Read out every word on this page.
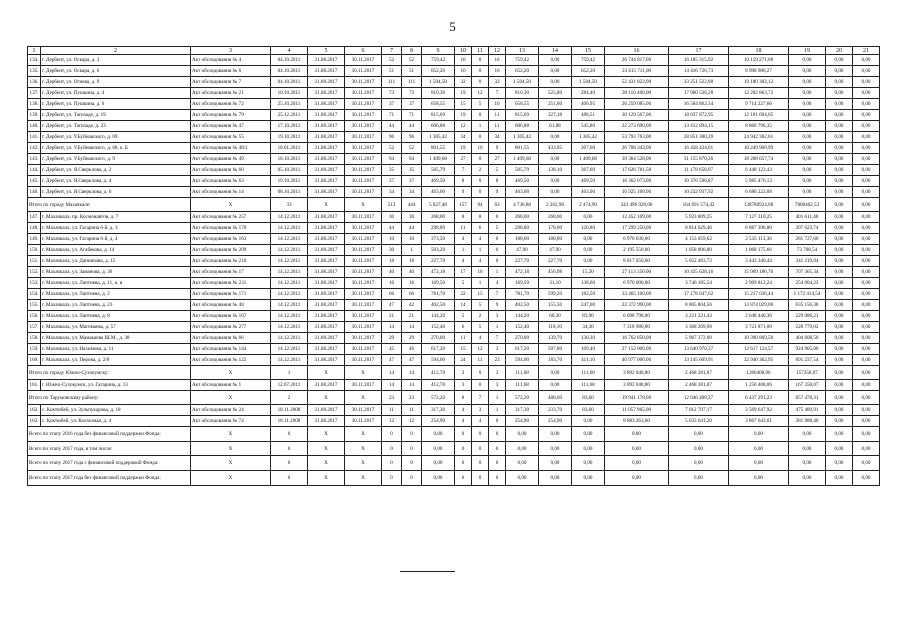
5
1	2	3	4	5	6	7	8	9	10	11	12	13	14	15	16	17	18	19	20	21
134.	г. Дербент, ул. Оскара, д. 3	Акт обследования № 4	04.10.2011	31.08.2017	30.11.2017	52	52	759,42	16	0	16	759,42	0,00	759,42	26 744 817,00	16 185 315,92	10 159 271,08	0,00	0,00	0,00
135.	г. Дербент, ул. Оскара, д. 6	Акт обследования № 6	04.10.2011	31.08.2017	30.11.2017	51	51	652,20	16	0	16	652,20	0,00	652,20	23 415 711,00	14 416 726,73	8 998 986,27	0,00	0,00	0,00
136.	г. Дербент, ул. Огнева, д. 9	Акт обследования № 7	04.10.2011	31.08.2017	30.11.2017	111	111	1 504,50	32	0	32	1 504,50	0,00	1 504,50	52 431 822,00	33 251 522,88	19 180 302,12	0,00	0,00	0,00
137.	г. Дербент, ул. Пушкина, д. 4	Акт обследования № 21	10.10.2011	31.08.2017	30.11.2017	73	73	810,30	19	12	7	810,30	525,80	284,40	30 110 400,00	17 900 536,28	12 202 863,72	0,00	0,00	0,00
138.	г. Дербент, ул. Пушкина, д. 6	Акт обследования № 72	25.10.2011	31.08.2017	30.11.2017	37	37	658,55	15	5	10	658,55	251,60	406,95	26 259 085,00	16 584 862,34	9 714 227,66	0,00	0,00	0,00
139.	г. Дербент, ул. Тагизаде, д. 19	Акт обследования № 79	25.12.2011	31.08.2017	30.11.2017	71	71	815,69	19	8	11	815,69	327,18	488,51	30 129 567,00	18 037 872,95	12 101 694,05	0,00	0,00	0,00
140.	г. Дербент, ул. Тагизаде, д. 23	Акт обследования № 47	17.10.2011	31.08.2017	30.11.2017	44	44	606,88	12	1	11	606,88	61,08	545,80	22 273 690,00	13 412 894,15	8 860 796,35	0,00	0,00	0,00
141.	г. Дербент, ул. У.Буйнакского, д. 69	Акт обследования № 55	19.10.2011	31.08.2017	30.11.2017	96	96	1 305,42	34	0	34	1 305,42	0,00	1 305,42	53 793 763,00	28 851 380,39	24 942 382,61	0,00	0,00	0,00
142.	г. Дербент, ул. У.Буйнакского, д. 68, к. Б	Акт обследования № 48/1	18.01.2011	31.08.2017	30.11.2017	52	52	801,55	19	10	9	801,55	433,95	367,60	26 708 343,00	16 458 434,01	10 249 908,99	0,00	0,00	0,00
143.	г. Дербент, ул. У.Буйнакского, д. 9	Акт обследования № 49	18.10.2011	31.08.2017	30.11.2017	94	94	1 409,68	27	0	27	1 409,68	0,00	1 409,68	39 364 528,00	31 155 870,26	18 208 657,74	0,00	0,00	0,00
144.	г. Дербент, ул. Я.Сверклова, д. 2	Акт обследования № 60	05.10.2011	31.08.2017	30.11.2017	35	35	505,79	7	2	5	505,79	138,10	367,69	17 626 781,50	11 178 658,07	6 448 123,43	0,00	0,00	0,00
145.	г. Дербент, ул. Я.Сверклова, д. 4	Акт обследования № 63	19.10.2011	31.08.2017	30.11.2017	37	37	469,50	8	0	8	469,50	0,00	469,50	16 362 073,00	10 376 596,87	5 985 476,13	0,00	0,00	0,00
146.	г. Дербент, ул. Я.Сверклова, д. 6	Акт обследования № 14	08.10.2011	31.08.2017	30.11.2017	34	34	463,00	9	0	9	463,00	0,00	463,00	16 925 168,00	10 232 937,92	6 680 222,08	0,00	0,00	0,00
Итого по городу Махачкале:		X	33	X	X	513	444	5 827,48	157	94	63	4 736,88	2 262,98	2 474,90	243 496 920,00	164 691 574,42	138780924,08	7808462,53	0,00	0,00
147.	г. Махачкала, пр. Космонавтов, д. 7	Акт обследования № 257	14.12.2011	31.08.2017	30.11.2017	30	30	268,00	8	8	0	268,00	268,00	0,00	12 452 109,00	5 923 809,25	7 127 310,25	401 611,40	0,00	0,00
148.	г. Махачкала, ул. Гагарина 6-й, д. 3	Акт обследования № 170	14.12.2011	31.08.2017	30.11.2017	44	44	298,80	11	6	5	298,80	178,00	120,80	17 299 250,00	8 814 629,46	6 887 396,80	397 623,74	0,00	0,00
149.	г. Махачкала, ул. Гагарина 6-й, д. 4	Акт обследования № 163	14.12.2011	31.08.2017	30.11.2017	10	10	373,50	4	4	0	188,00	188,00	0,00	6 970 030,00	4 153 059,62	2 535 113,36	281 727,60	0,00	0,00
150.	г. Махачкала, ул. Агабекова, д. 14	Акт обследования № 209	14.12.2011	31.08.2017	30.11.2017	30	1	503,20	1	1	0	47,90	47,90	0,00	2 195 556,00	1 058 806,80	1 068 175,66	73 708,54	0,00	0,00
151.	г. Махачкала, ул. Даниялова, д. 15	Акт обследования № 210	14.12.2011	31.08.2017	30.11.2017	18	18	227,70	4	4	0	227,70	227,70	0,00	8 817 050,00	5 052 483,72	3 443 340,44	341 219,84	0,00	0,00
152.	г. Махачкала, ул. Заманова, д. 36	Акт обследования № 17	14.12.2011	31.08.2017	30.11.2017	40	40	472,18	17	16	1	472,18	456,98	15,20	27 113 350,00	10 435 628,16	15 969 186,70	707 365,34	0,00	0,00
153.	г. Махачкала, ул. Лаптиева, д. 11, к. в	Акт обследования № 231	14.12.2011	31.08.2017	30.11.2017	16	16	169,50	5	1	4	169,50	31,10	138,60	6 970 000,00	3 746 185,54	2 969 812,24	254 004,23	0,00	0,00
154.	г. Махачкала, ул. Лаптиева, д. 2	Акт обследования № 171	14.12.2011	31.08.2017	30.11.2017	66	66	781,70	22	15	7	781,70	599,20	182,50	33 465 100,00	17 178 647,62	15 217 036,44	1 172 414,54	0,00	0,00
155.	г. Махачкала, ул. Лаптиева, д. 23	Акт обследования № 48	14.12.2011	31.08.2017	30.11.2017	47	42	402,50	14	5	9	402,50	155,50	247,00	22 372 990,00	8 805 804,56	13 874 029,06	635 156,38	0,00	0,00
156.	г. Махачкала, ул. Лаптиева, д. 8	Акт обследования № 167	14.12.2011	31.08.2017	30.11.2017	21	21	144,20	5	2	3	144,20	60,30	83,90	6 098 798,00	3 221 221,43	2 648 440,36	229 086,21	0,00	0,00
157.	г. Махачкала, ул. Магомаева, д. 57	Акт обследования № 277	14.12.2011	31.08.2017	30.11.2017	14	14	152,40	6	5	1	152,40	118,10	34,30	7 318 980,00	3 368 269,98	3 721 871,00	228 779,02	0,00	0,00
158.	г. Махачкала, ул. Мамакаева Ш.М., д. 38	Акт обследования № 66	14.12.2011	31.08.2017	30.11.2017	29	29	270,00	11	4	7	270,00	139,70	130,30	16 762 850,00	5 967 372,00	10 390 869,50	404 608,50	0,00	0,00
159.	г. Махачкала, ул. Нахимова, д. 11	Акт обследования № 144	14.12.2011	31.08.2017	30.11.2017	45	46	617,20	15	12	3	617,20	507,80	109,40	27 152 000,00	13 640 970,37	12 617 124,57	924 905,06	0,00	0,00
160.	г. Махачкала, ул. Перова, д. 2/8	Акт обследования № 122	14.12.2011	31.08.2017	30.11.2017	47	47	594,00	24	11	23	594,00	183,70	411,10	40 977 000,00	13 145 609,91	32 940 362,95	891 237,54	0,00	0,00
Итого по городу Южно-Сухокумску:		X	1	X	X	14	14	412,70	3	0	3	111,68	0,00	111,68	3 892 048,80	2 468 281,87	1266408,06	157358,07	0,00	0,00
161.	г. Южно-Сухокумск, ул. Гагарина, д. 13	Акт обследования № 1	12.07.2011	31.08.2017	30.11.2017	14	14	412,70	3	0	3	111,68	0,00	111,68	3 892 048,80	2 468 281,87	1 256 408,06	167 358,07	0,00	0,00
Итого по Тарумовскому району:		X	2	X	X	23	23	572,20	8	7	1	572,20	488,60	83,60	19 941 178,00	12 046 408,37	6 437 291,23	857 478,31	0,00	0,00
162.	с. Коктюбей, ул. Зульпукарова, д. 18	Акт обследования № 24	18.11.2008	31.08.2017	30.11.2017	11	11	317,30	4	3	1	317,30	233,70	83,60	11 057 965,00	7 012 707,17	3 569 647,92	475 489,91	0,00	0,00
163.	с. Коктюбей, ул. Колхозная, д. 4	Акт обследования № 74	18.11.2008	31.08.2017	30.11.2017	12	12	254,90	4	4	0	254,90	254,90	0,00	8 883 263,00	5 033 641,20	3 867 643,61	381 988,40	0,00	0,00
Всего по этапу 2016 года без финансовой поддержки Фонда:		X	0	X	X	0	0	0,00	0	0	0	0,00	0,00	0,00	0,00	0,00	0,00	0,00	0,00	0,00
Всего по этапу 2017 года, в том числе:		X	0	X	X	0	0	0,00	0	0	0	0,00	0,00	0,00	0,00	0,00	0,00	0,00	0,00	0,00
Всего по этапу 2017 года с финансовой поддержкой Фонда:		X	0	X	X	0	0	0,00	0	0	0	0,00	0,00	0,00	0,00	0,00	0,00	0,00	0,00	0,00
Всего по этапу 2017 года без финансовой поддержки Фонда:		X	0	X	X	0	0	0,00	0	0	0	0,00	0,00	0,00	0,00	0,00	0,00	0,00	0,00	0,00
